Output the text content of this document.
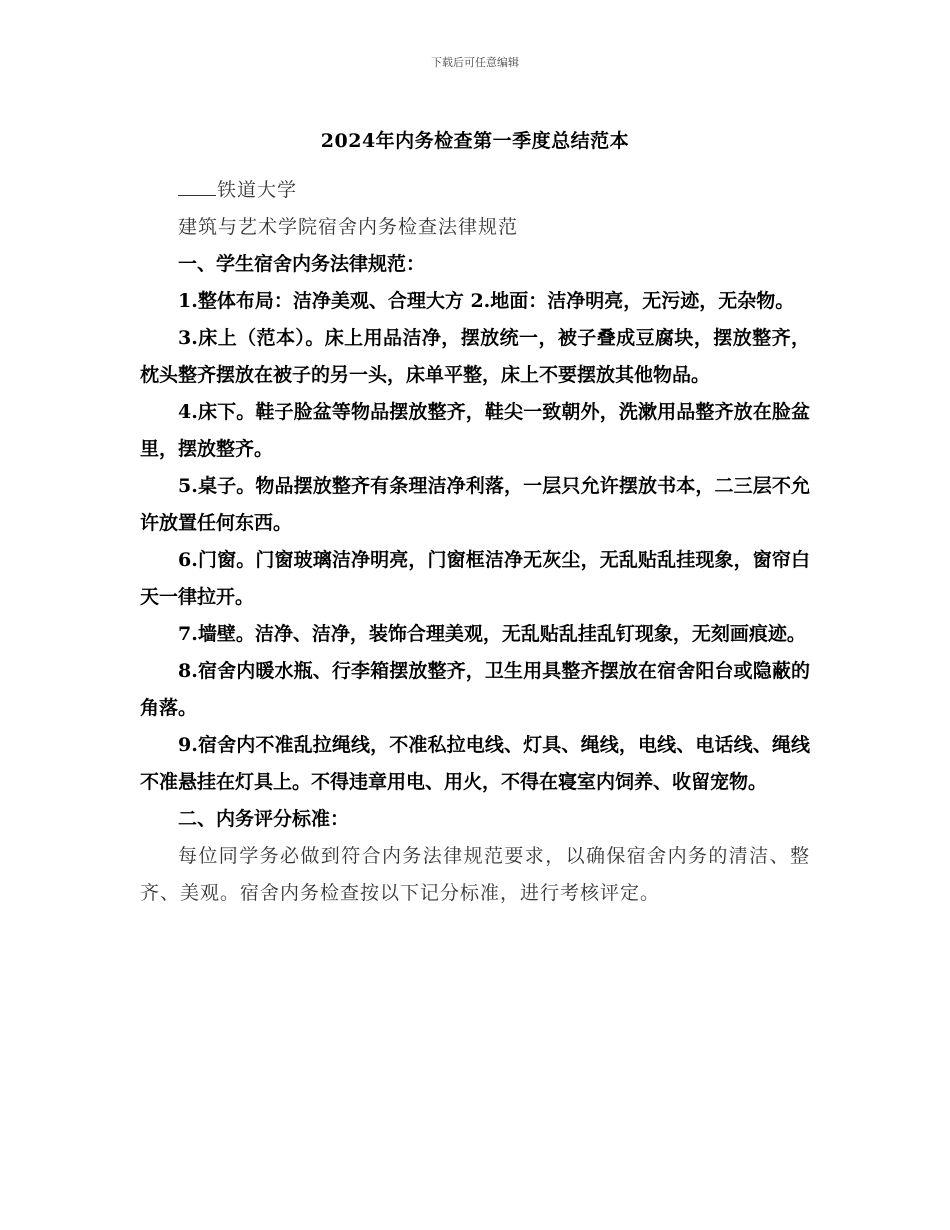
下载后可任意编辑
2024年内务检查第一季度总结范本

铁道大学

建筑与艺术学院宿舍内务检查法律规范

一、学生宿舍内务法律规范：

1.整体布局：洁净美观、合理大方 2.地面：洁净明亮，无污迹，无杂物。

3.床上（范本）。床上用品洁净，摆放统一，被子叠成豆腐块，摆放整齐，枕头整齐摆放在被子的另一头，床单平整，床上不要摆放其他物品。

4.床下。鞋子脸盆等物品摆放整齐，鞋尖一致朝外，洗漱用品整齐放在脸盆里，摆放整齐。

5.桌子。物品摆放整齐有条理洁净利落，一层只允许摆放书本，二三层不允许放置任何东西。

6.门窗。门窗玻璃洁净明亮，门窗框洁净无灰尘，无乱贴乱挂现象，窗帘白天一律拉开。

7.墙壁。洁净、洁净，装饰合理美观，无乱贴乱挂乱钉现象，无刻画痕迹。

8.宿舍内暖水瓶、行李箱摆放整齐，卫生用具整齐摆放在宿舍阳台或隐蔽的角落。

9.宿舍内不准乱拉绳线，不准私拉电线、灯具、绳线，电线、电话线、绳线不准悬挂在灯具上。不得违章用电、用火，不得在寝室内饲养、收留宠物。

二、内务评分标准：

每位同学务必做到符合内务法律规范要求，以确保宿舍内务的清洁、整齐、美观。宿舍内务检查按以下记分标准，进行考核评定。
